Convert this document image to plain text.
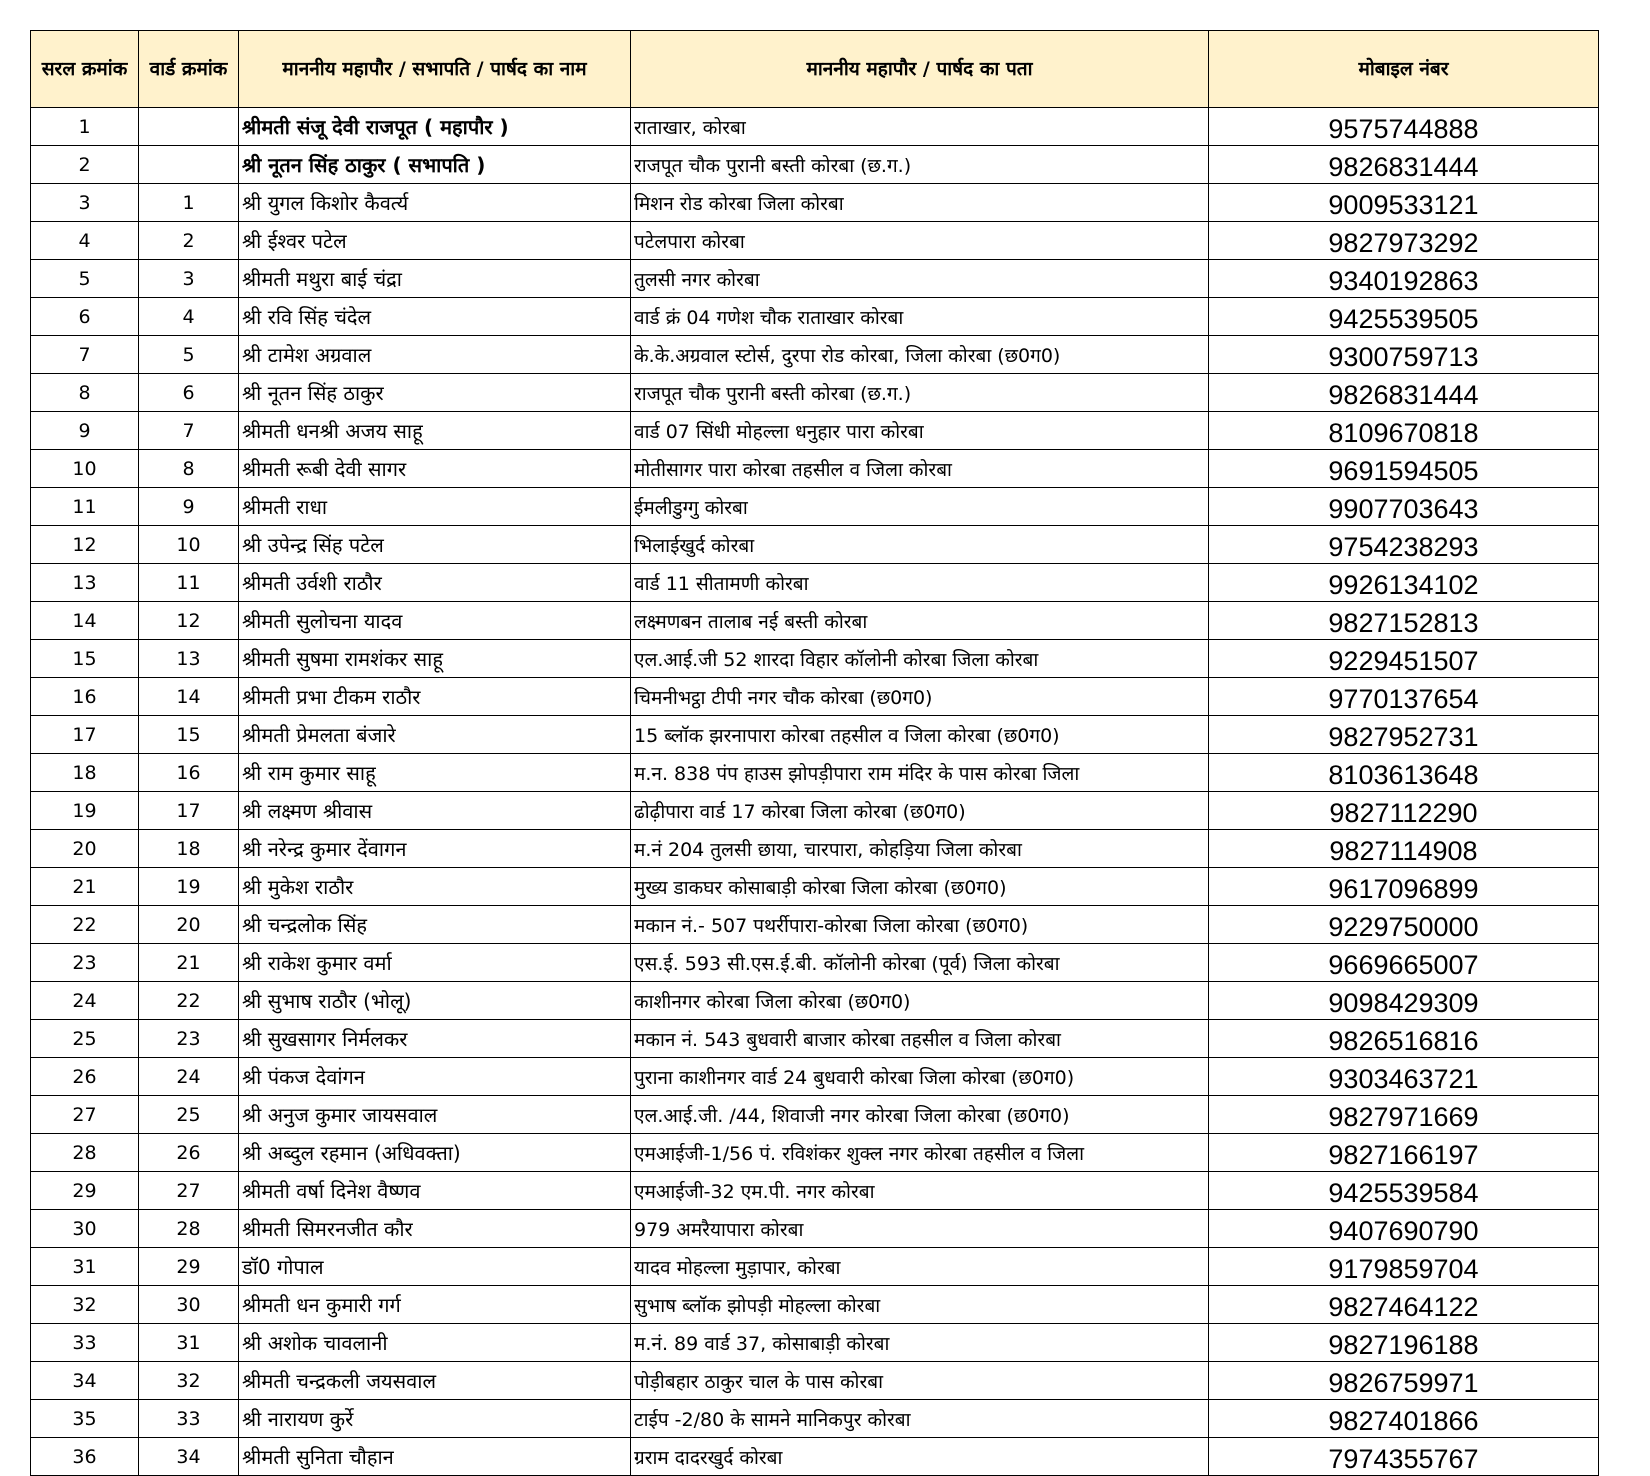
सरल क्रमांक	वार्ड क्रमांक	माननीय महापौर / सभापति / पार्षद का नाम	माननीय महापौर / पार्षद का पता	मोबाइल नंबर
1		श्रीमती संजू देवी राजपूत ( महापौर )	राताखार, कोरबा	9575744888
2		श्री नूतन सिंह ठाकुर ( सभापति )	राजपूत चौक पुरानी बस्ती कोरबा (छ.ग.)	9826831444
3	1	श्री युगल किशोर कैवर्त्य	मिशन रोड कोरबा जिला कोरबा	9009533121
4	2	श्री ईश्वर पटेल	पटेलपारा कोरबा	9827973292
5	3	श्रीमती मथुरा बाई चंद्रा	तुलसी नगर कोरबा	9340192863
6	4	श्री रवि सिंह चंदेल	वार्ड क्रं 04 गणेश चौक राताखार कोरबा	9425539505
7	5	श्री टामेश अग्रवाल	के.के.अग्रवाल स्टोर्स, दुरपा रोड कोरबा, जिला कोरबा (छ0ग0)	9300759713
8	6	श्री नूतन सिंह ठाकुर	राजपूत चौक पुरानी बस्ती कोरबा (छ.ग.)	9826831444
9	7	श्रीमती धनश्री अजय साहू	वार्ड 07 सिंधी मोहल्ला धनुहार पारा कोरबा	8109670818
10	8	श्रीमती रूबी देवी सागर	मोतीसागर पारा कोरबा तहसील व जिला कोरबा	9691594505
11	9	श्रीमती राधा	ईमलीडुग्गु कोरबा	9907703643
12	10	श्री उपेन्द्र सिंह पटेल	भिलाईखुर्द कोरबा	9754238293
13	11	श्रीमती उर्वशी राठौर	वार्ड 11 सीतामणी कोरबा	9926134102
14	12	श्रीमती सुलोचना यादव	लक्ष्मणबन तालाब नई बस्ती कोरबा	9827152813
15	13	श्रीमती सुषमा रामशंकर साहू	एल.आई.जी 52 शारदा विहार कॉलोनी कोरबा जिला कोरबा	9229451507
16	14	श्रीमती प्रभा टीकम राठौर	चिमनीभट्ठा टीपी नगर चौक कोरबा (छ0ग0)	9770137654
17	15	श्रीमती प्रेमलता बंजारे	15 ब्लॉक झरनापारा कोरबा तहसील व जिला कोरबा (छ0ग0)	9827952731
18	16	श्री राम कुमार साहू	म.न. 838 पंप हाउस झोपड़ीपारा राम मंदिर के पास कोरबा जिला	8103613648
19	17	श्री लक्ष्मण श्रीवास	ढोढ़ीपारा वार्ड 17 कोरबा जिला कोरबा (छ0ग0)	9827112290
20	18	श्री नरेन्द्र कुमार देंवागन	म.नं 204 तुलसी छाया, चारपारा, कोहड़िया जिला कोरबा	9827114908
21	19	श्री मुकेश राठौर	मुख्य डाकघर कोसाबाड़ी कोरबा जिला कोरबा (छ0ग0)	9617096899
22	20	श्री चन्द्रलोक सिंह	मकान नं.- 507 पथर्रीपारा-कोरबा जिला कोरबा (छ0ग0)	9229750000
23	21	श्री राकेश कुमार वर्मा	एस.ई. 593 सी.एस.ई.बी. कॉलोनी कोरबा (पूर्व) जिला कोरबा	9669665007
24	22	श्री सुभाष राठौर (भोलू)	काशीनगर कोरबा जिला कोरबा (छ0ग0)	9098429309
25	23	श्री सुखसागर निर्मलकर	मकान नं. 543 बुधवारी बाजार कोरबा तहसील व जिला कोरबा	9826516816
26	24	श्री पंकज देवांगन	पुराना काशीनगर वार्ड 24 बुधवारी कोरबा जिला कोरबा (छ0ग0)	9303463721
27	25	श्री अनुज कुमार जायसवाल	एल.आई.जी. /44, शिवाजी नगर कोरबा जिला कोरबा (छ0ग0)	9827971669
28	26	श्री अब्दुल रहमान (अधिवक्ता)	एमआईजी-1/56 पं. रविशंकर शुक्ल नगर कोरबा तहसील व जिला	9827166197
29	27	श्रीमती वर्षा दिनेश वैष्णव	एमआईजी-32 एम.पी. नगर कोरबा	9425539584
30	28	श्रीमती सिमरनजीत कौर	979 अमरैयापारा कोरबा	9407690790
31	29	डॉ0 गोपाल	यादव मोहल्ला मुड़ापार, कोरबा	9179859704
32	30	श्रीमती धन कुमारी गर्ग	सुभाष ब्लॉक झोपड़ी मोहल्ला कोरबा	9827464122
33	31	श्री अशोक चावलानी	म.नं. 89 वार्ड 37, कोसाबाड़ी कोरबा	9827196188
34	32	श्रीमती चन्द्रकली जयसवाल	पोड़ीबहार ठाकुर चाल के पास कोरबा	9826759971
35	33	श्री नारायण कुर्रे	टाईप -2/80 के सामने मानिकपुर कोरबा	9827401866
36	34	श्रीमती सुनिता चौहान	ग्रराम दादरखुर्द कोरबा	7974355767
